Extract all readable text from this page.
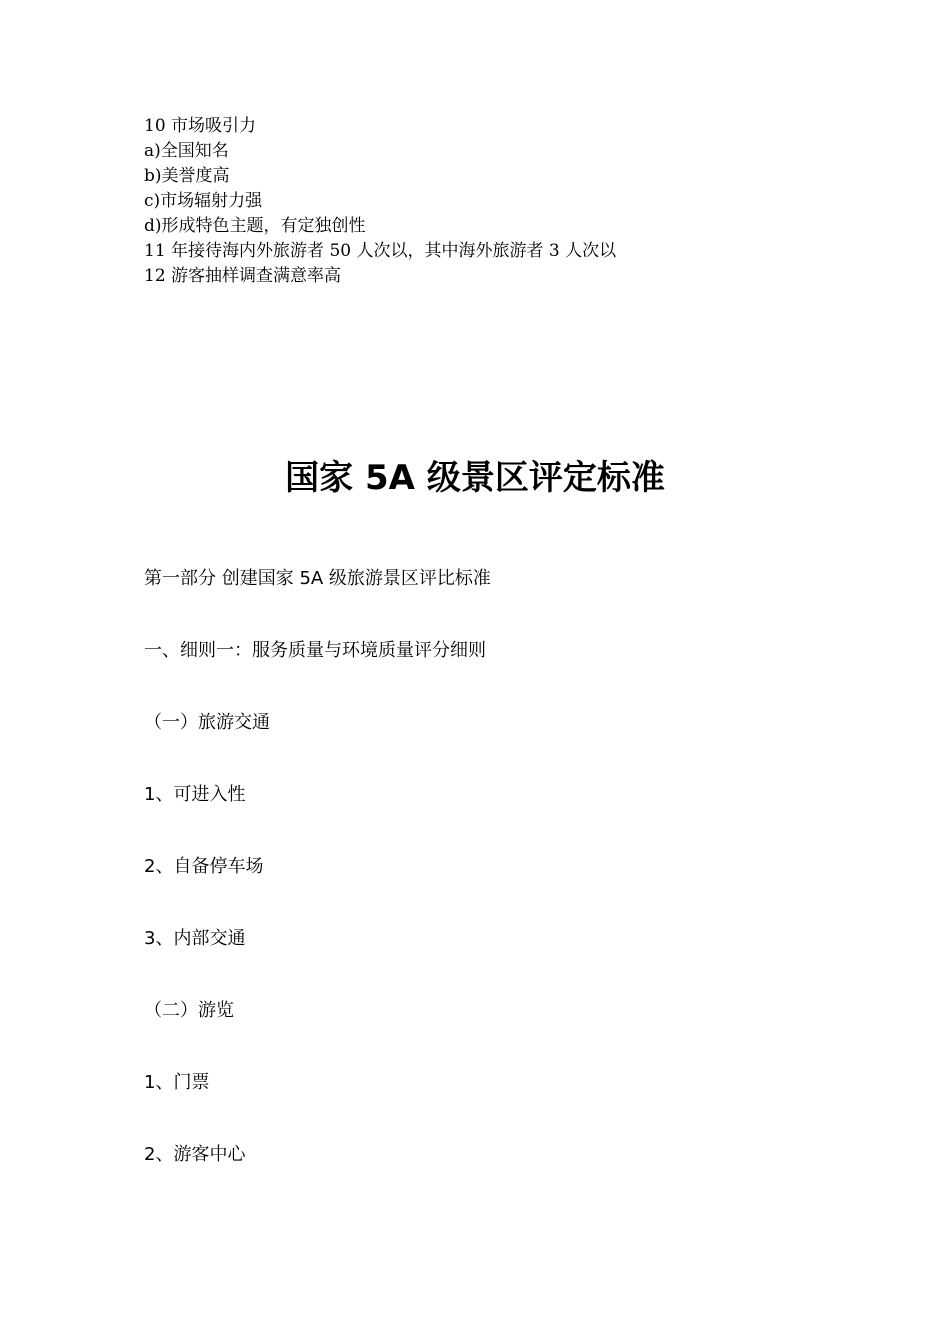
10 市场吸引力
a)全国知名
b)美誉度高
c)市场辐射力强
d)形成特色主题，有定独创性
11 年接待海内外旅游者 50 人次以，其中海外旅游者 3 人次以
12 游客抽样调查满意率高
国家 5A 级景区评定标准
第一部分 创建国家 5A 级旅游景区评比标准
一、细则一：服务质量与环境质量评分细则
（一）旅游交通
1、可进入性
2、自备停车场
3、内部交通
（二）游览
1、门票
2、游客中心
